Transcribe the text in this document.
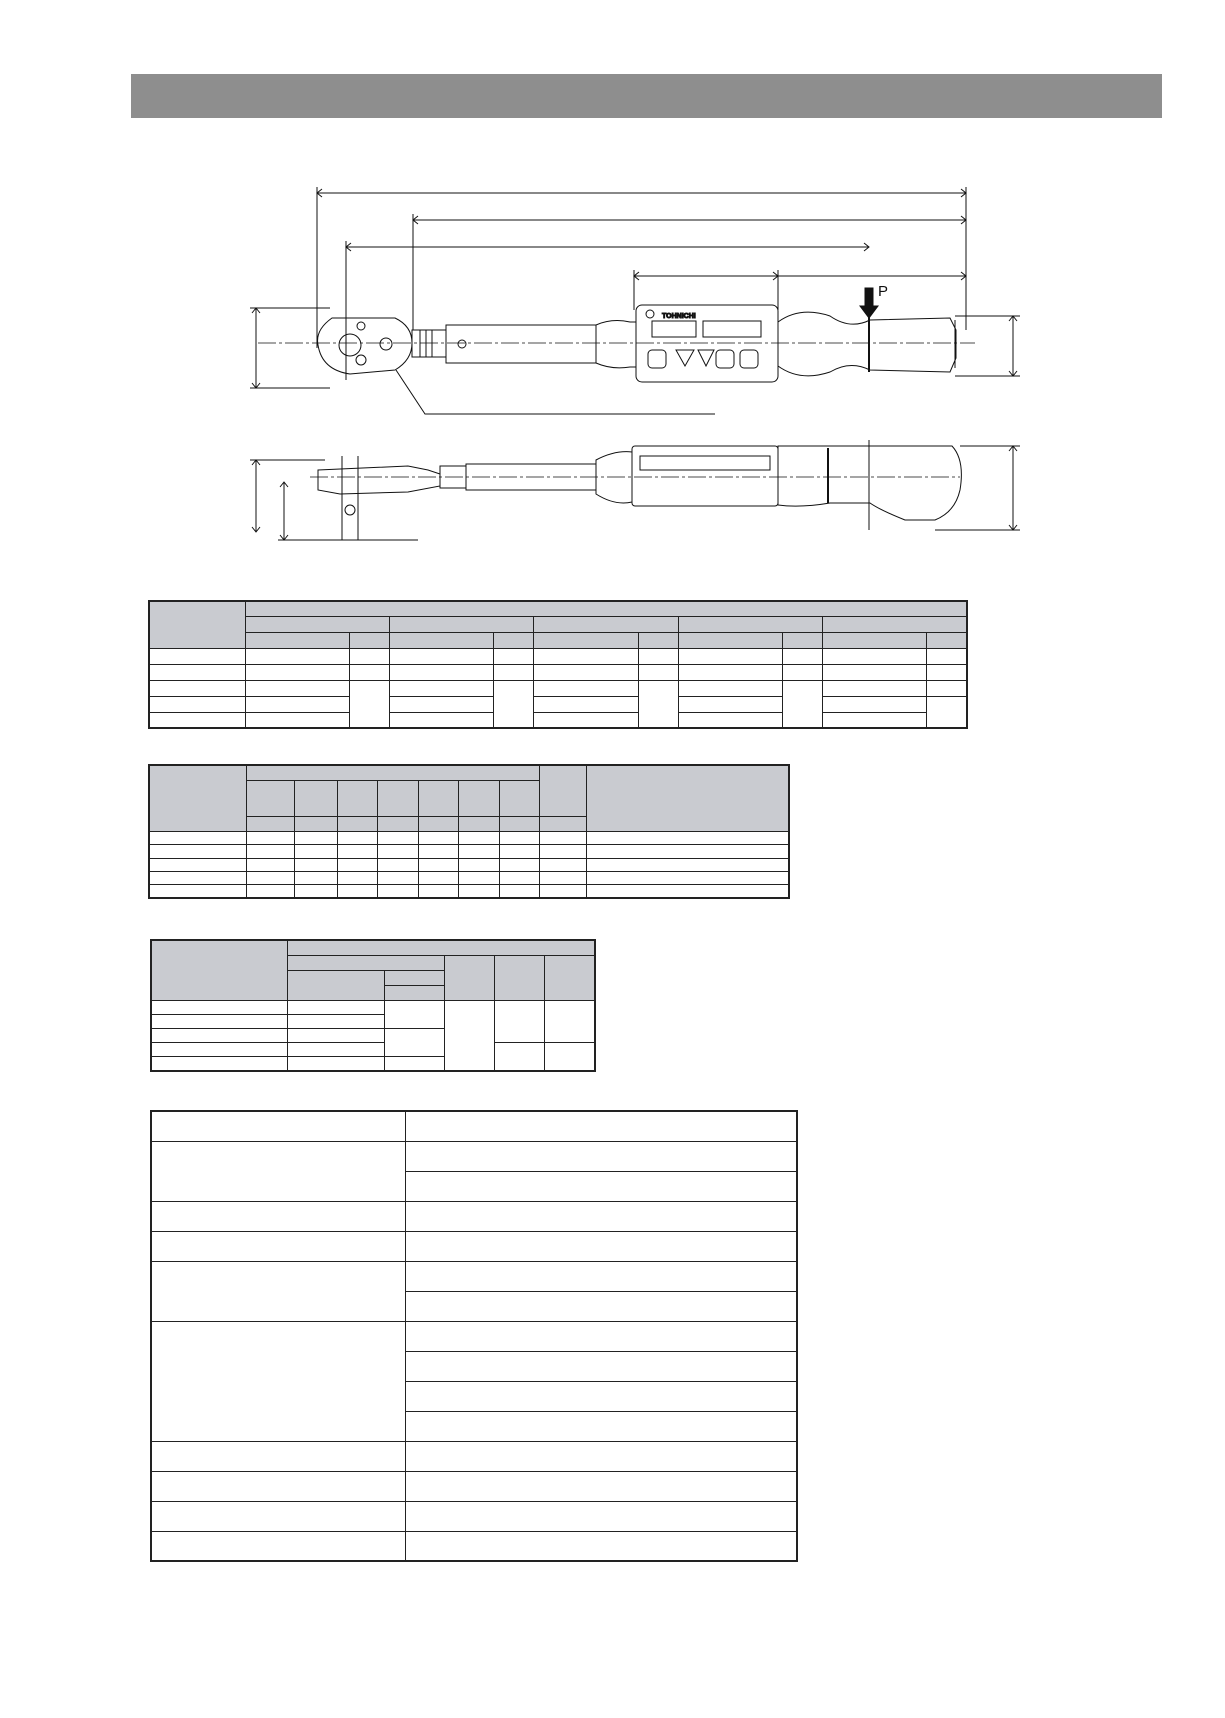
TOHNICHI
P
